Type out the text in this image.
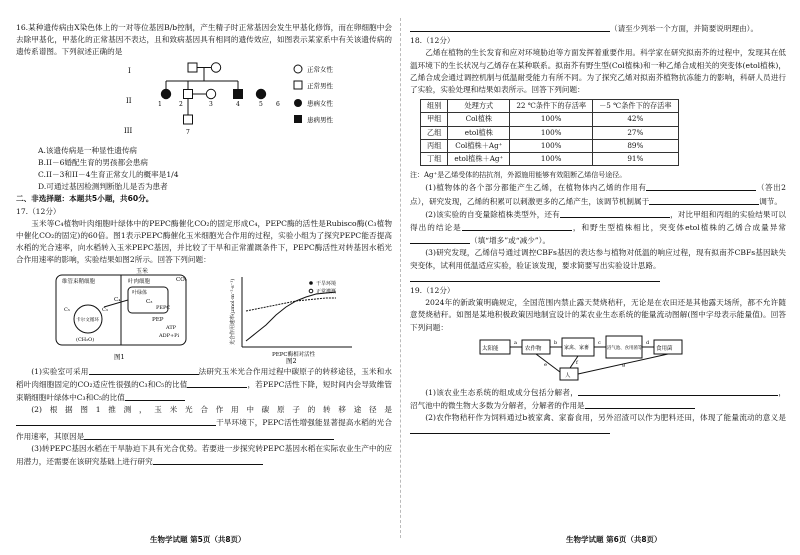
16.某种遗传病由X染色体上的一对等位基因B/b控制，产生精子时正常基因会发生甲基化修饰，而在卵细胞中会去除甲基化，甲基化的正常基因不表达，且和致病基因具有相同的遗传效应，如图表示某家系中有关该遗传病的遗传系谱图。下列叙述正确的是

I
II
III
1	2	3	4	5 6
7
正常女性
正常男性
患病女性
患病男性

A.该遗传病是一种显性遗传病

B.II－6婚配生育的男孩都会患病

C.II－3和II－4生育正常女儿的概率是1/4

D.可通过基因检测判断胎儿是否为患者

二、非选择题：本题共5小题，共60分。

17.（12分）

玉米等C₄植物叶肉细胞叶绿体中的PEPC酶催化CO₂的固定形成C₄，PEPC酶的活性是Rubisco酶(C₃植物中催化CO₂的固定)的60倍。图1表示PEPC酶催化玉米细胞光合作用的过程，实验小组为了探究PEPC能否提高水稻的光合速率，向水稻转入玉米PEPC基因，并比较了干旱和正常灌溉条件下，PEPC酶活性对转基因水稻光合作用速率的影响，实验结果如图2所示。回答下列问题：

玉米
叶肉细胞
维管束鞘细胞
叶绿体
CO₂
C₄	C₃
PEPC
PEP
ATP
ADP+Pi
卡尔文循环
(CH₂O)
C₅	C₃
图1
光合作用速率(μmol·m⁻²·s⁻¹)
PEPC酶相对活性
干旱环境
正常灌溉
图2

(1)实验室可采用	法研究玉米光合作用过程中碳原子的转移途径，玉米和水稻叶肉细胞固定的CO₂适应性很强的C₃和C₅的比值	，若PEPC活性下降，短时间内会导致维管束鞘细胞叶绿体中C₃和C₅的比值

(2)根据图1推测，玉米光合作用中碳原子的转移途径是干旱环境下，PEPC活性增强能显著提高水稻的光合作用速率，其原因是

(3)转PEPC基因水稻在干旱胁迫下具有光合优势。若要进一步探究转PEPC基因水稻在实际农业生产中的应用潜力，还需要在该研究基础上进行研究

（请至少列举一个方面，并简要说明理由）。

18.（12分）

乙烯在植物的生长发育和应对环境胁迫等方面发挥着重要作用。科学家在研究拟南芥的过程中，发现其在低温环境下的生长状况与乙烯存在某种联系。拟南芥有野生型(Col植株)和一种乙烯合成相关的突变体(etol植株)，乙烯合成会通过调控机制与低温耐受能力有所不同。为了探究乙烯对拟南芥植物抗冻能力的影响，科研人员进行了实验，实验处理和结果如表所示。回答下列问题：

组别	处理方式	22 ℃条件下的存活率	－5 ℃条件下的存活率
甲组	Col植株	100%	42%
乙组	etol植株	100%	27%
丙组	Col植株＋Ag⁺	100%	89%
丁组	etol植株＋Ag⁺	100%	91%

注：Ag⁺是乙烯受体的拮抗剂，外源施用能够有效阻断乙烯信号途径。

(1)植物体的各个部分都能产生乙烯，在植物体内乙烯的作用有	（答出2点），研究发现，乙烯的积累可以刺激更多的乙烯产生，该调节机制属于	调节。

(2)该实验的自变量除植株类型外，还有	，对比甲组和丙组的实验结果可以得出的结论是	，和野生型植株相比，突变体etol植株的乙烯合成量异常（填“增多”或“减少”）。

(3)研究发现，乙烯信号通过调控CBFs基因的表达参与植物对低温的响应过程，现有拟南芥CBFs基因缺失突变体，试利用低温适应实验，验证该发现，要求简要写出实验设计思路。

19.（12分）

2024年的新政策明确规定，全国范围内禁止露天焚烧秸秆，无论是在农田还是其他露天场所，都不允许随意焚烧秸秆。如图是某地积极政策因地制宜设计的某农业生态系统的能量流动图解(图中字母表示能量值)。回答下列问题：

太阳能	农作物	家禽、家畜	沼气池、食用菌等
人
食用菌
a	b	c	d
e	f	g

(1)该农业生态系统的组成成分包括分解者，	，沼气池中的微生物大多数为分解者，分解者的作用是

(2)农作物秸秆作为饲料通过b被家禽、家畜食用，另外沼渣可以作为肥料还田，体现了能量流动的意义是

生物学试题 第5页（共8页）	生物学试题 第6页（共8页）
